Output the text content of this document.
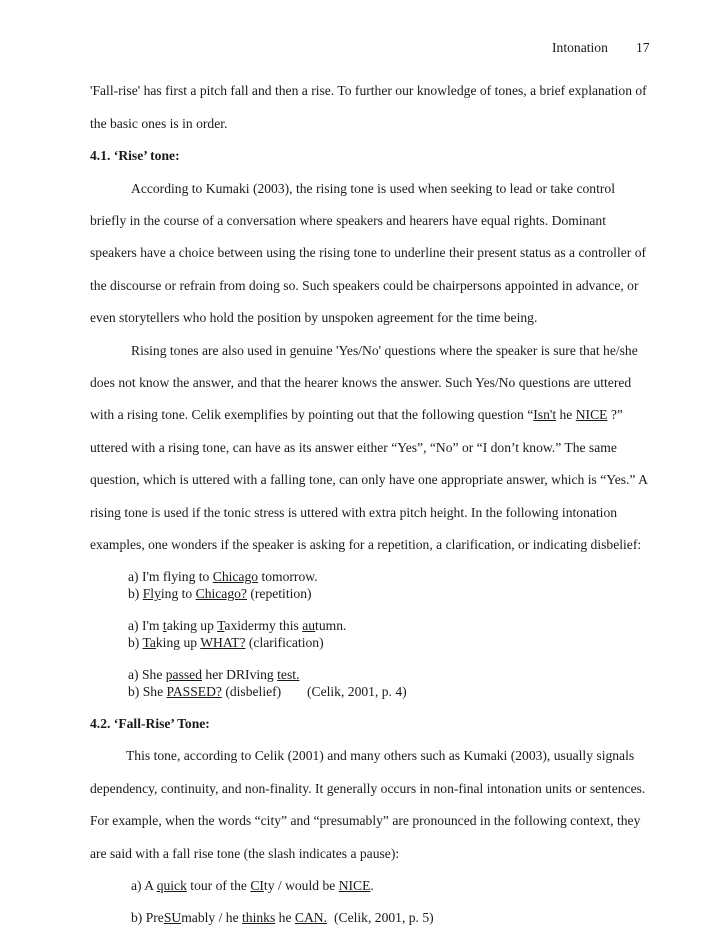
Intonation 17
'Fall-rise' has first a pitch fall and then a rise. To further our knowledge of tones, a brief explanation of
the basic ones is in order.
4.1. ‘Rise’ tone:
According to Kumaki (2003), the rising tone is used when seeking to lead or take control
briefly in the course of a conversation where speakers and hearers have equal rights. Dominant
speakers have a choice between using the rising tone to underline their present status as a controller of
the discourse or refrain from doing so. Such speakers could be chairpersons appointed in advance, or
even storytellers who hold the position by unspoken agreement for the time being.
Rising tones are also used in genuine 'Yes/No' questions where the speaker is sure that he/she
does not know the answer, and that the hearer knows the answer. Such Yes/No questions are uttered
with a rising tone. Celik exemplifies by pointing out that the following question “Isn't he NICE ?”
uttered with a rising tone, can have as its answer either “Yes”, “No” or “I don’t know.” The same
question, which is uttered with a falling tone, can only have one appropriate answer, which is “Yes.” A
rising tone is used if the tonic stress is uttered with extra pitch height. In the following intonation
examples, one wonders if the speaker is asking for a repetition, a clarification, or indicating disbelief:
a) I'm flying to Chicago tomorrow.
b) Flying to Chicago? (repetition)
a) I'm taking up Taxidermy this autumn.
b) Taking up WHAT? (clarification)
a) She passed her DRIving test.
b) She PASSED? (disbelief) (Celik, 2001, p. 4)
4.2. ‘Fall-Rise’ Tone:
This tone, according to Celik (2001) and many others such as Kumaki (2003), usually signals
dependency, continuity, and non-finality. It generally occurs in non-final intonation units or sentences.
For example, when the words “city” and “presumably” are pronounced in the following context, they
are said with a fall rise tone (the slash indicates a pause):
a) A quick tour of the CIty / would be NICE.
b) PreSUmably / he thinks he CAN. (Celik, 2001, p. 5)
